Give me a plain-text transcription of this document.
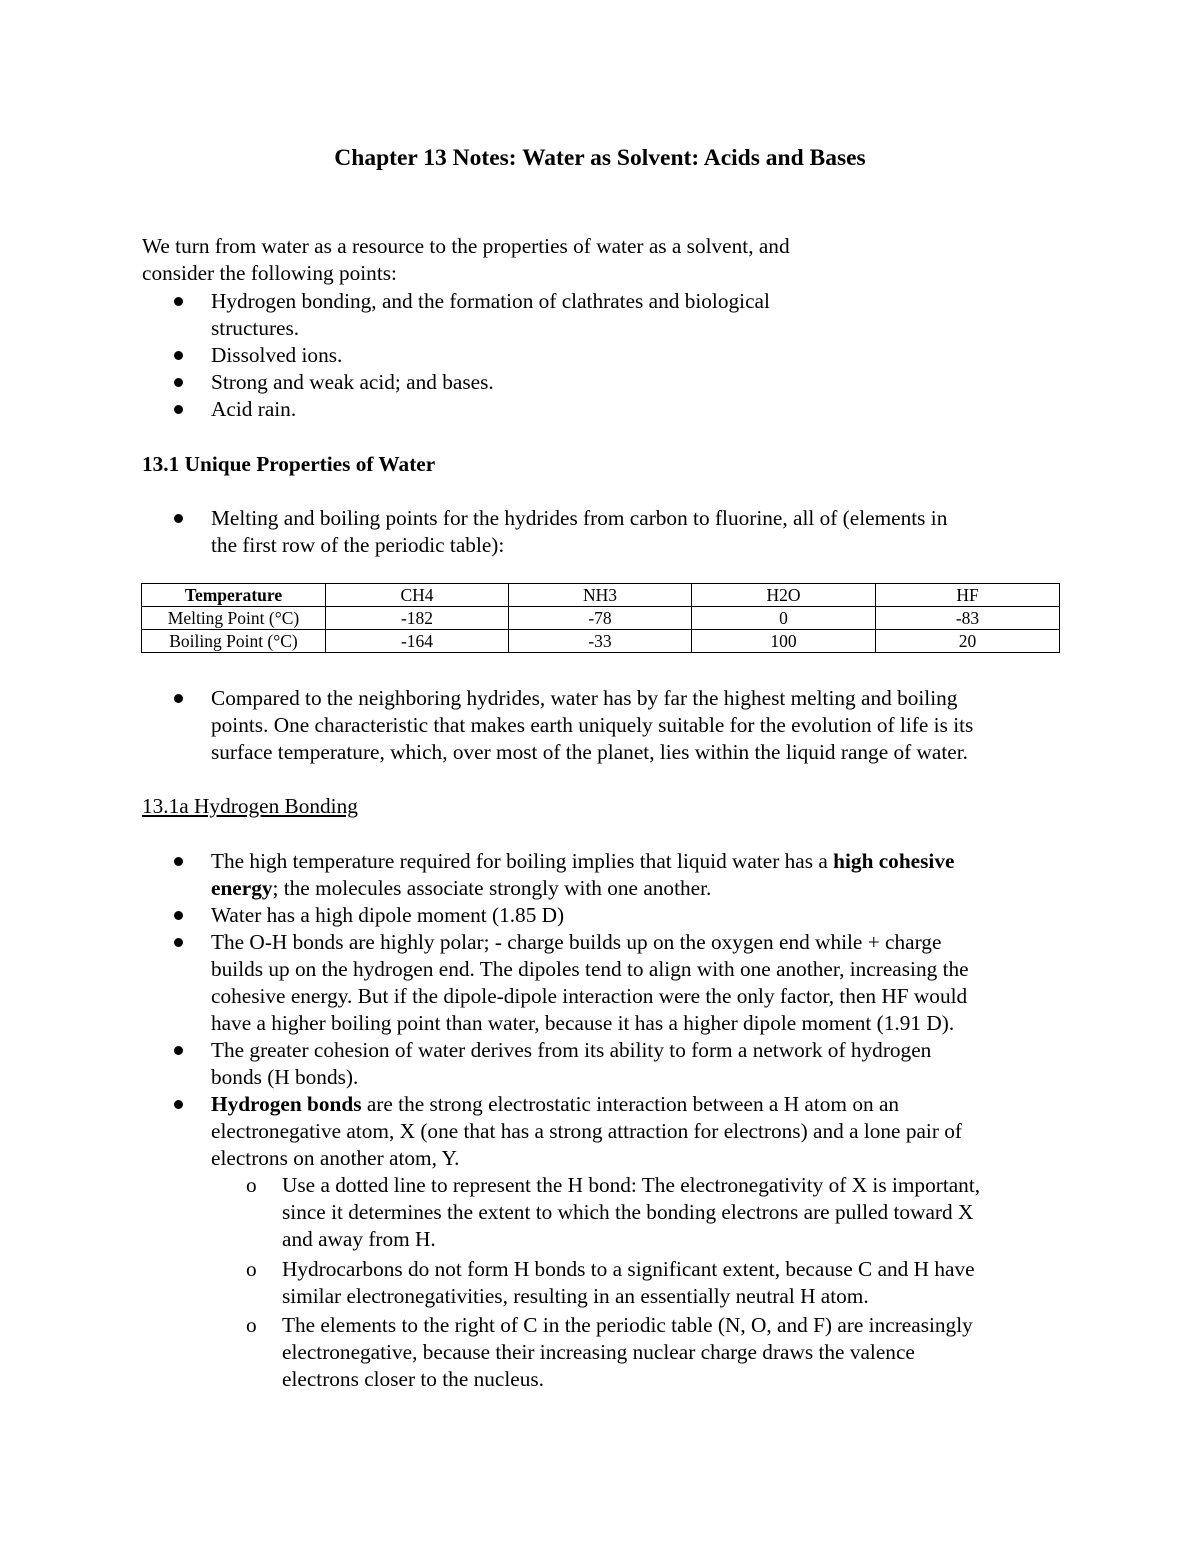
Chapter 13 Notes: Water as Solvent: Acids and Bases
We turn from water as a resource to the properties of water as a solvent, and
consider the following points:
Hydrogen bonding, and the formation of clathrates and biological
structures.
Dissolved ions.
Strong and weak acid; and bases.
Acid rain.
13.1 Unique Properties of Water
Melting and boiling points for the hydrides from carbon to fluorine, all of (elements in
the first row of the periodic table):
Temperature	CH4	NH3	H2O	HF
Melting Point (°C)	-182	-78	0	-83
Boiling Point (°C)	-164	-33	100	20
Compared to the neighboring hydrides, water has by far the highest melting and boiling
points. One characteristic that makes earth uniquely suitable for the evolution of life is its
surface temperature, which, over most of the planet, lies within the liquid range of water.
13.1a Hydrogen Bonding
The high temperature required for boiling implies that liquid water has a high cohesive
energy; the molecules associate strongly with one another.
Water has a high dipole moment (1.85 D)
The O-H bonds are highly polar; - charge builds up on the oxygen end while + charge
builds up on the hydrogen end. The dipoles tend to align with one another, increasing the
cohesive energy. But if the dipole-dipole interaction were the only factor, then HF would
have a higher boiling point than water, because it has a higher dipole moment (1.91 D).
The greater cohesion of water derives from its ability to form a network of hydrogen
bonds (H bonds).
Hydrogen bonds are the strong electrostatic interaction between a H atom on an
electronegative atom, X (one that has a strong attraction for electrons) and a lone pair of
electrons on another atom, Y.
o Use a dotted line to represent the H bond: The electronegativity of X is important,
since it determines the extent to which the bonding electrons are pulled toward X
and away from H.
o Hydrocarbons do not form H bonds to a significant extent, because C and H have
similar electronegativities, resulting in an essentially neutral H atom.
o The elements to the right of C in the periodic table (N, O, and F) are increasingly
electronegative, because their increasing nuclear charge draws the valence
electrons closer to the nucleus.
